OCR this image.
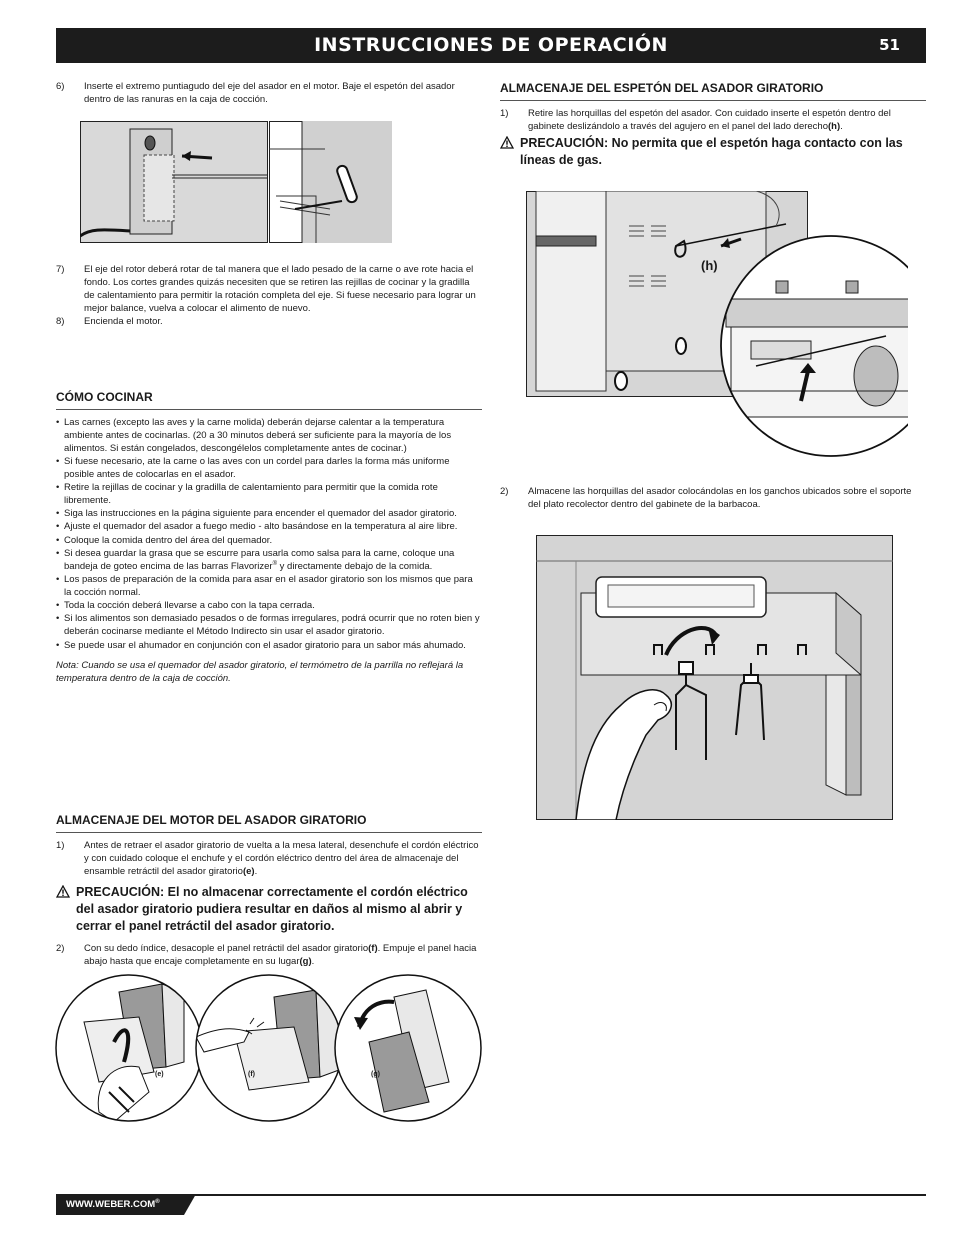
INSTRUCCIONES DE OPERACIÓN	51
6) Inserte el extremo puntiagudo del eje del asador en el motor. Baje el espetón del asador dentro de las ranuras en la caja de cocción.
7) El eje del rotor deberá rotar de tal manera que el lado pesado de la carne o ave rote hacia el fondo. Los cortes grandes quizás necesiten que se retiren las rejillas de cocinar y la gradilla de calentamiento para permitir la rotación completa del eje. Si fuese necesario para lograr un mejor balance, vuelva a colocar el alimento de nuevo.
8) Encienda el motor.
CÓMO COCINAR
• Las carnes (excepto las aves y la carne molida) deberán dejarse calentar a la temperatura ambiente antes de cocinarlas. (20 a 30 minutos deberá ser suficiente para la mayoría de los alimentos. Si están congelados, descongélelos completamente antes de cocinar.)
• Si fuese necesario, ate la carne o las aves con un cordel para darles la forma más uniforme posible antes de colocarlas en el asador.
• Retire la rejillas de cocinar y la gradilla de calentamiento para permitir que la comida rote libremente.
• Siga las instrucciones en la página siguiente para encender el quemador del asador giratorio.
• Ajuste el quemador del asador a fuego medio - alto basándose en la temperatura al aire libre.
• Coloque la comida dentro del área del quemador.
• Si desea guardar la grasa que se escurre para usarla como salsa para la carne, coloque una bandeja de goteo encima de las barras Flavorizer® y directamente debajo de la comida.
• Los pasos de preparación de la comida para asar en el asador giratorio son los mismos que para la cocción normal.
• Toda la cocción deberá llevarse a cabo con la tapa cerrada.
• Si los alimentos son demasiado pesados o de formas irregulares, podrá ocurrir que no roten bien y deberán cocinarse mediante el Método Indirecto sin usar el asador giratorio.
• Se puede usar el ahumador en conjunción con el asador giratorio para un sabor más ahumado.

Nota: Cuando se usa el quemador del asador giratorio, el termómetro de la parrilla no reflejará la temperatura dentro de la caja de cocción.

ALMACENAJE DEL MOTOR DEL ASADOR GIRATORIO
1) Antes de retraer el asador giratorio de vuelta a la mesa lateral, desenchufe el cordón eléctrico y con cuidado coloque el enchufe y el cordón eléctrico dentro del área de almacenaje del ensamble retráctil del asador giratorio(e).
PRECAUCIÓN: El no almacenar correctamente el cordón eléctrico del asador giratorio pudiera resultar en daños al mismo al abrir y cerrar el panel retráctil del asador giratorio.
2) Con su dedo índice, desacople el panel retráctil del asador giratorio(f). Empuje el panel hacia abajo hasta que encaje completamente en su lugar(g).
(e)	(f)	(g)
ALMACENAJE DEL ESPETÓN DEL ASADOR GIRATORIO
1) Retire las horquillas del espetón del asador. Con cuidado inserte el espetón dentro del gabinete deslizándolo a través del agujero en el panel del lado derecho(h).
PRECAUCIÓN: No permita que el espetón haga contacto con las líneas de gas.
(h)
2) Almacene las horquillas del asador colocándolas en los ganchos ubicados sobre el soporte del plato recolector dentro del gabinete de la barbacoa.
WWW.WEBER.COM®
